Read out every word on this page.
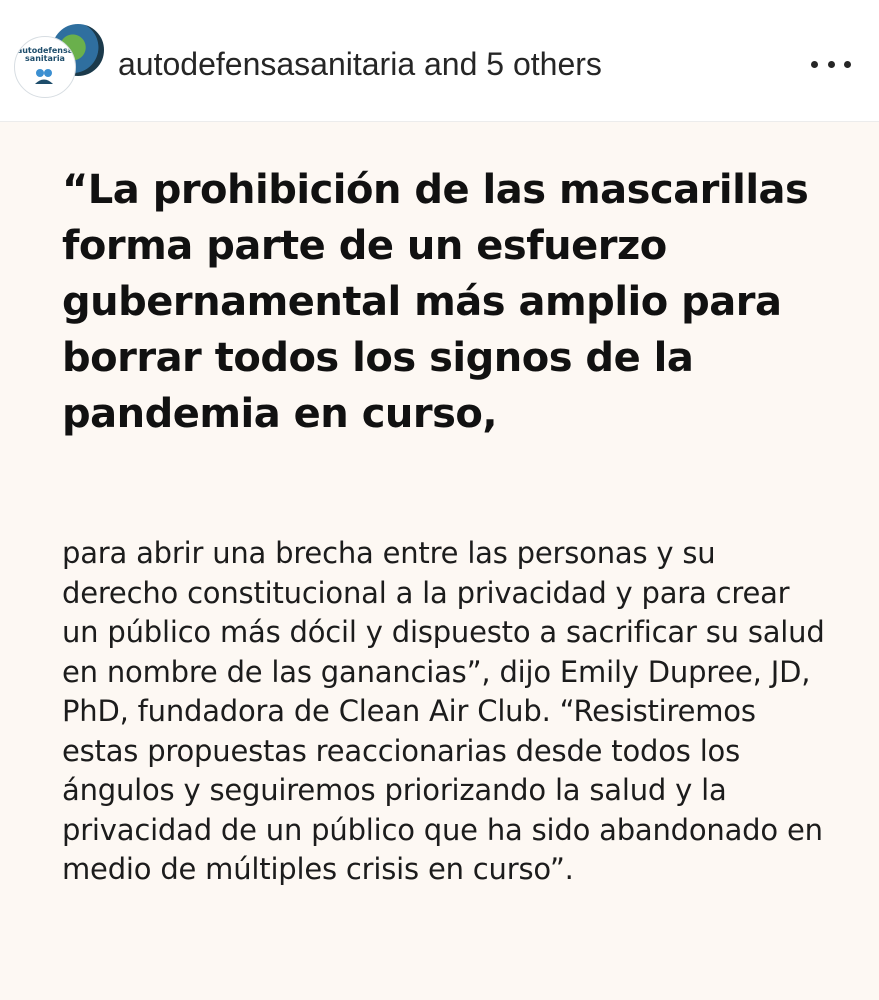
autodefensa sanitaria	autodefensasanitaria and 5 others

“La prohibición de las mascarillas forma parte de un esfuerzo gubernamental más amplio para borrar todos los signos de la pandemia en curso,

para abrir una brecha entre las personas y su derecho constitucional a la privacidad y para crear un público más dócil y dispuesto a sacrificar su salud en nombre de las ganancias”, dijo Emily Dupree, JD, PhD, fundadora de Clean Air Club. “Resistiremos estas propuestas reaccionarias desde todos los ángulos y seguiremos priorizando la salud y la privacidad de un público que ha sido abandonado en medio de múltiples crisis en curso”.
